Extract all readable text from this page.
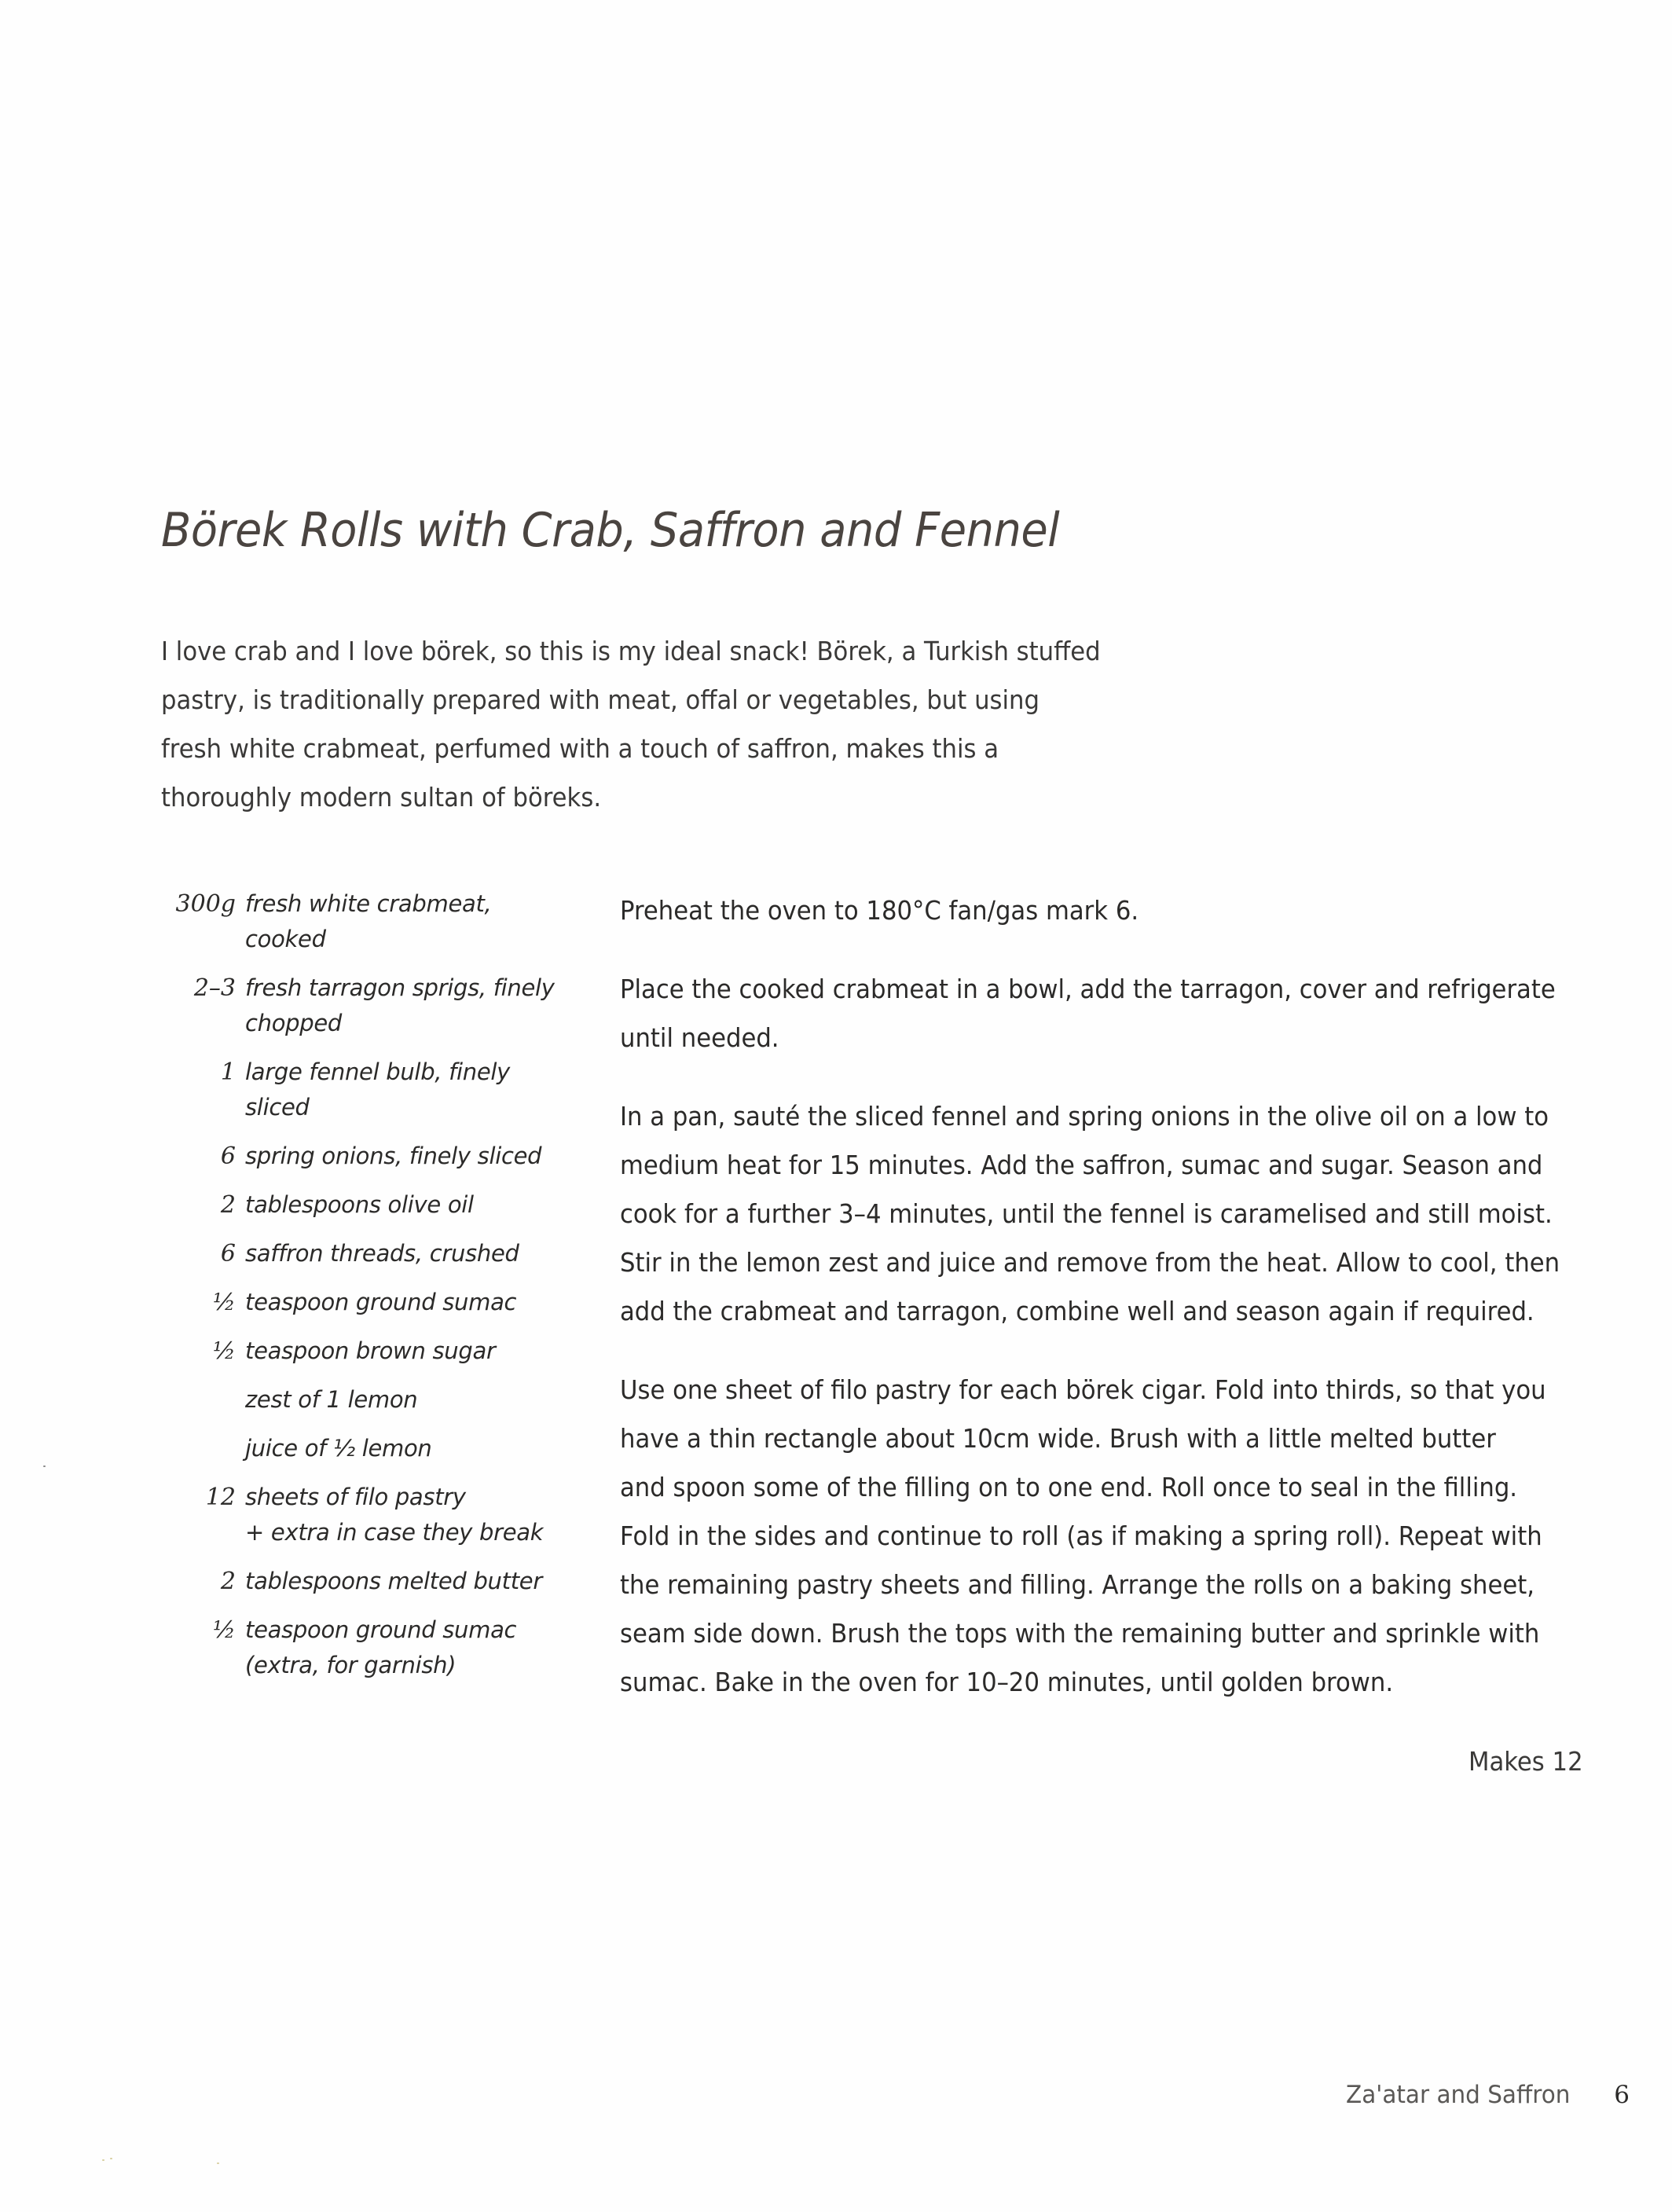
Börek Rolls with Crab, Saffron and Fennel
I love crab and I love börek, so this is my ideal snack! Börek, a Turkish stuffed
pastry, is traditionally prepared with meat, offal or vegetables, but using
fresh white crabmeat, perfumed with a touch of saffron, makes this a
thoroughly modern sultan of böreks.
300g fresh white crabmeat,
cooked
2–3 fresh tarragon sprigs, finely
chopped
1 large fennel bulb, finely
sliced
6 spring onions, finely sliced
2 tablespoons olive oil
6 saffron threads, crushed
½ teaspoon ground sumac
½ teaspoon brown sugar
zest of 1 lemon
juice of ½ lemon
12 sheets of filo pastry
+ extra in case they break
2 tablespoons melted butter
½ teaspoon ground sumac
(extra, for garnish)

Preheat the oven to 180°C fan/gas mark 6.

Place the cooked crabmeat in a bowl, add the tarragon, cover and refrigerate
until needed.

In a pan, sauté the sliced fennel and spring onions in the olive oil on a low to
medium heat for 15 minutes. Add the saffron, sumac and sugar. Season and
cook for a further 3–4 minutes, until the fennel is caramelised and still moist.
Stir in the lemon zest and juice and remove from the heat. Allow to cool, then
add the crabmeat and tarragon, combine well and season again if required.

Use one sheet of filo pastry for each börek cigar. Fold into thirds, so that you
have a thin rectangle about 10cm wide. Brush with a little melted butter
and spoon some of the filling on to one end. Roll once to seal in the filling.
Fold in the sides and continue to roll (as if making a spring roll). Repeat with
the remaining pastry sheets and filling. Arrange the rolls on a baking sheet,
seam side down. Brush the tops with the remaining butter and sprinkle with
sumac. Bake in the oven for 10–20 minutes, until golden brown.

Makes 12
Za'atar and Saffron 6
